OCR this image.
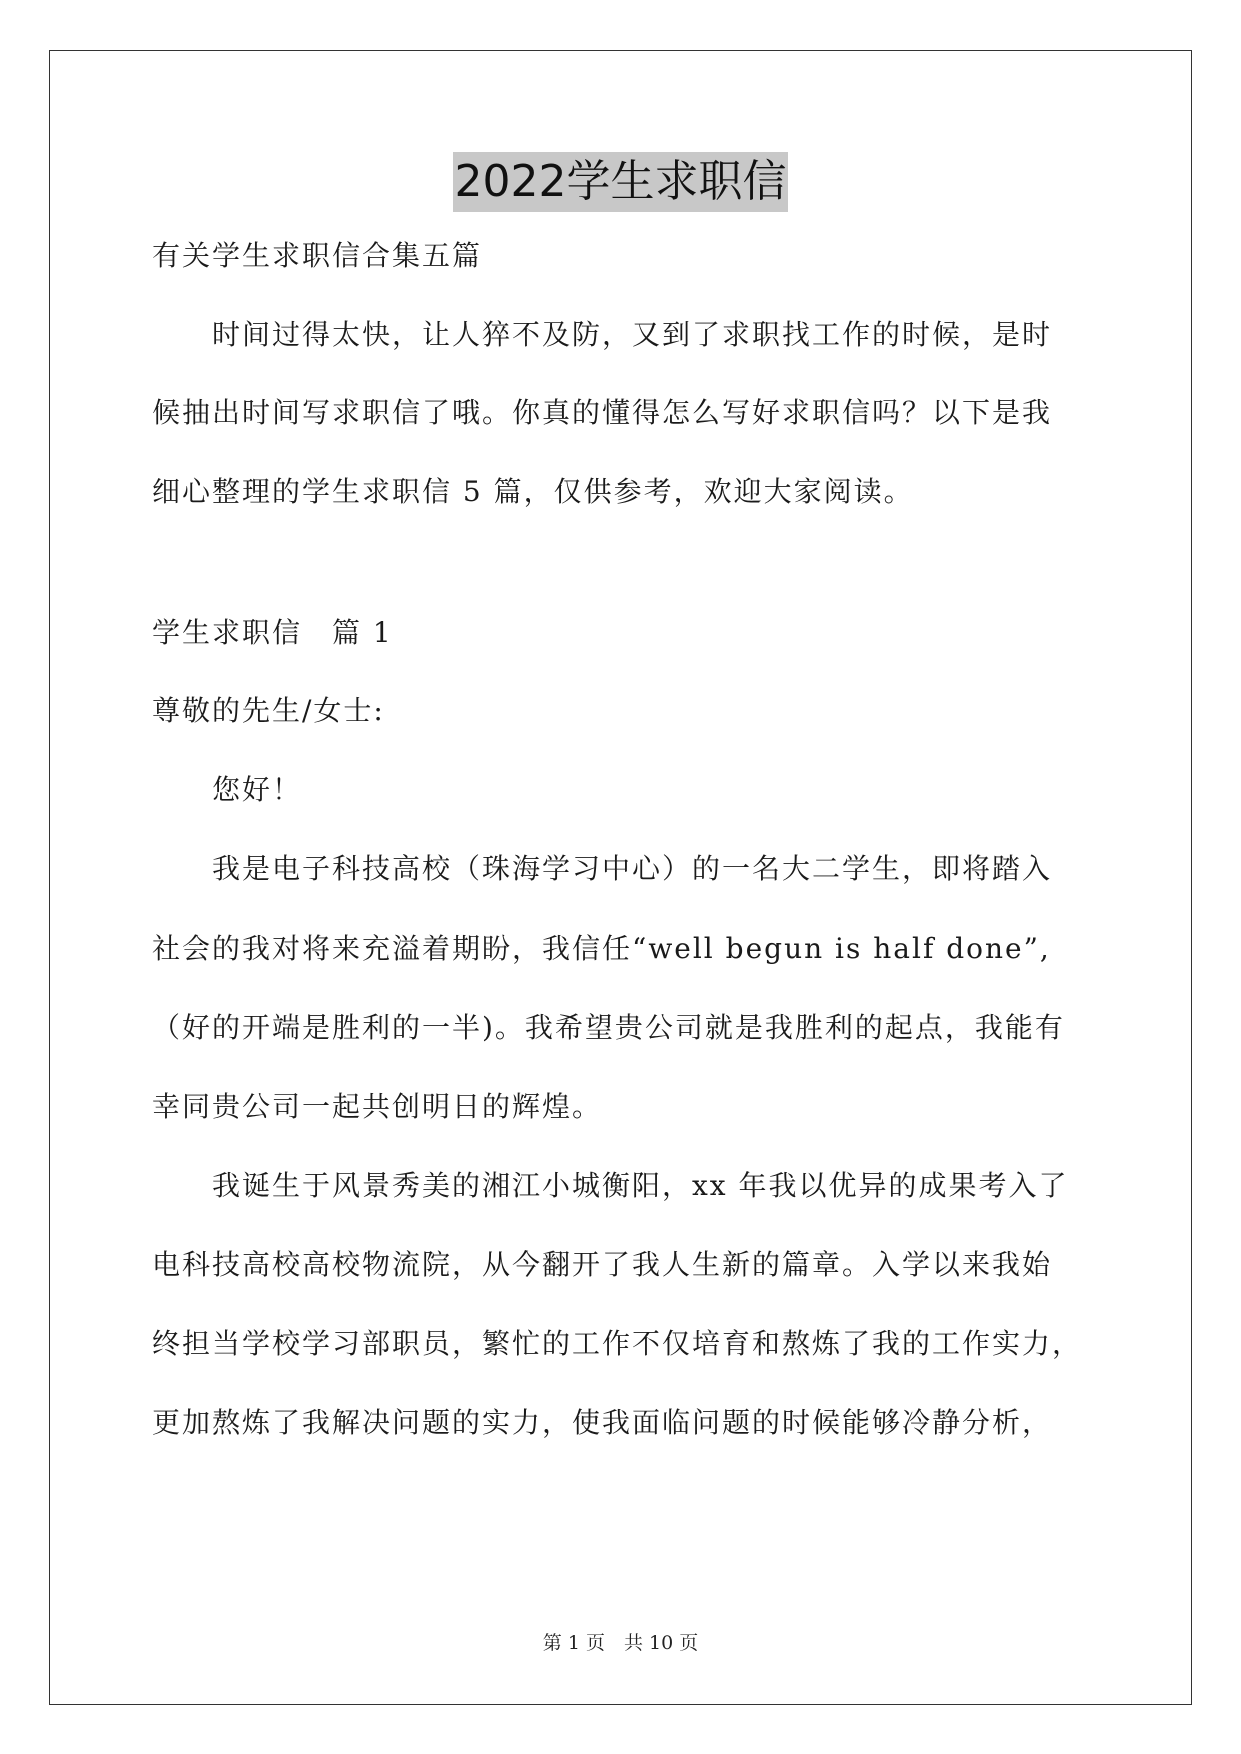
2022学生求职信

有关学生求职信合集五篇

　　时间过得太快，让人猝不及防，又到了求职找工作的时候，是时

候抽出时间写求职信了哦。你真的懂得怎么写好求职信吗？以下是我

细心整理的学生求职信 5 篇，仅供参考，欢迎大家阅读。

学生求职信　篇 1

尊敬的先生/女士:

　　您好！

　　我是电子科技高校（珠海学习中心）的一名大二学生，即将踏入

社会的我对将来充溢着期盼，我信任“well begun is half done”,

（好的开端是胜利的一半)。我希望贵公司就是我胜利的起点，我能有

幸同贵公司一起共创明日的辉煌。

　　我诞生于风景秀美的湘江小城衡阳，xx 年我以优异的成果考入了

电科技高校高校物流院，从今翻开了我人生新的篇章。入学以来我始

终担当学校学习部职员，繁忙的工作不仅培育和熬炼了我的工作实力，

更加熬炼了我解决问题的实力，使我面临问题的时候能够冷静分析，

第 1 页　共 10 页
